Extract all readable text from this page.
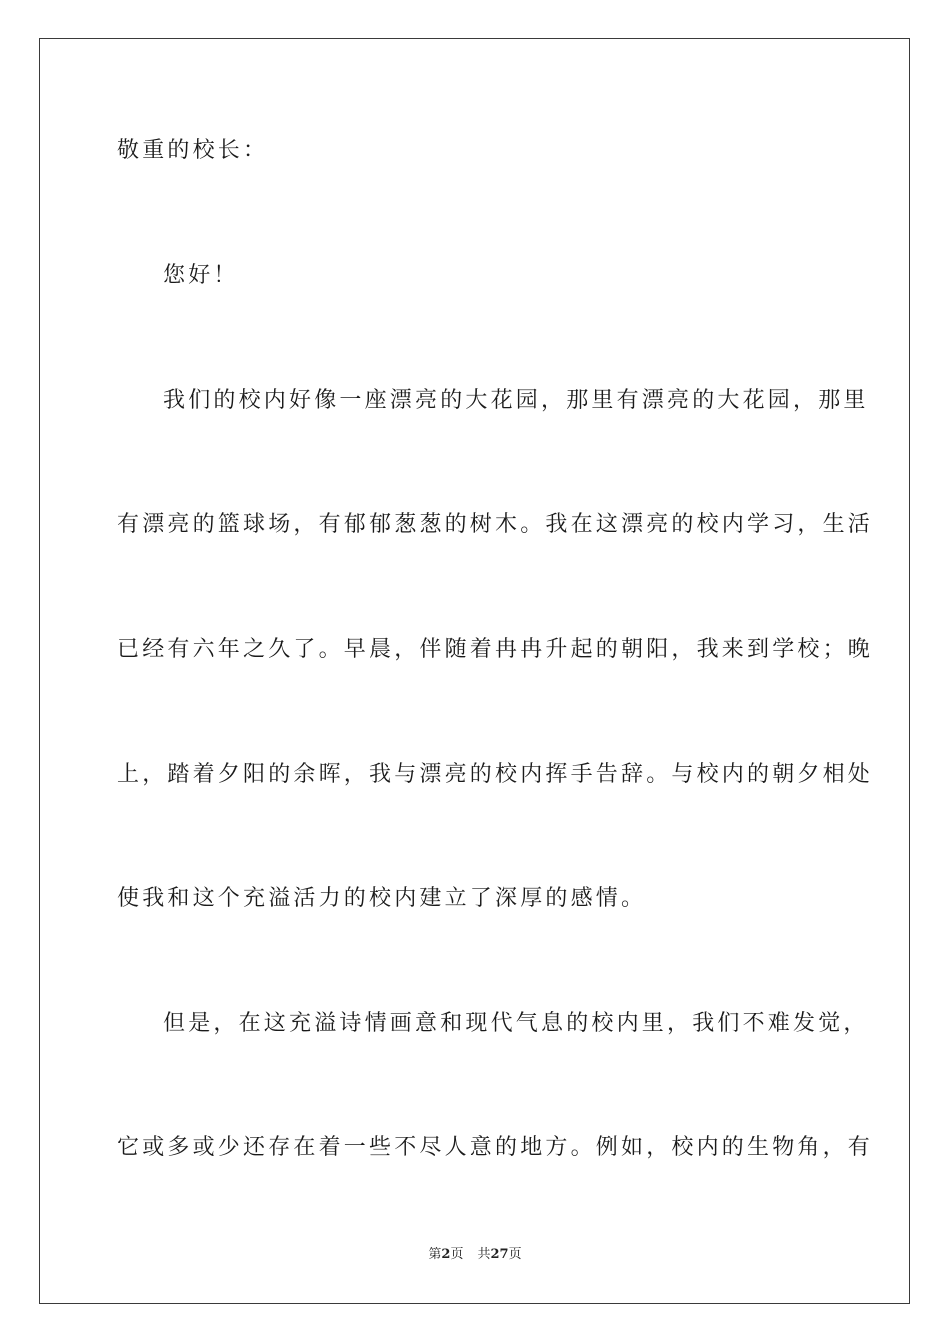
敬重的校长：
您好！
我们的校内好像一座漂亮的大花园，那里有漂亮的大花园，那里
有漂亮的篮球场，有郁郁葱葱的树木。我在这漂亮的校内学习，生活
已经有六年之久了。早晨，伴随着冉冉升起的朝阳，我来到学校；晚
上，踏着夕阳的余晖，我与漂亮的校内挥手告辞。与校内的朝夕相处
使我和这个充溢活力的校内建立了深厚的感情。
但是，在这充溢诗情画意和现代气息的校内里，我们不难发觉，
它或多或少还存在着一些不尽人意的地方。例如，校内的生物角，有
第2页 共27页
